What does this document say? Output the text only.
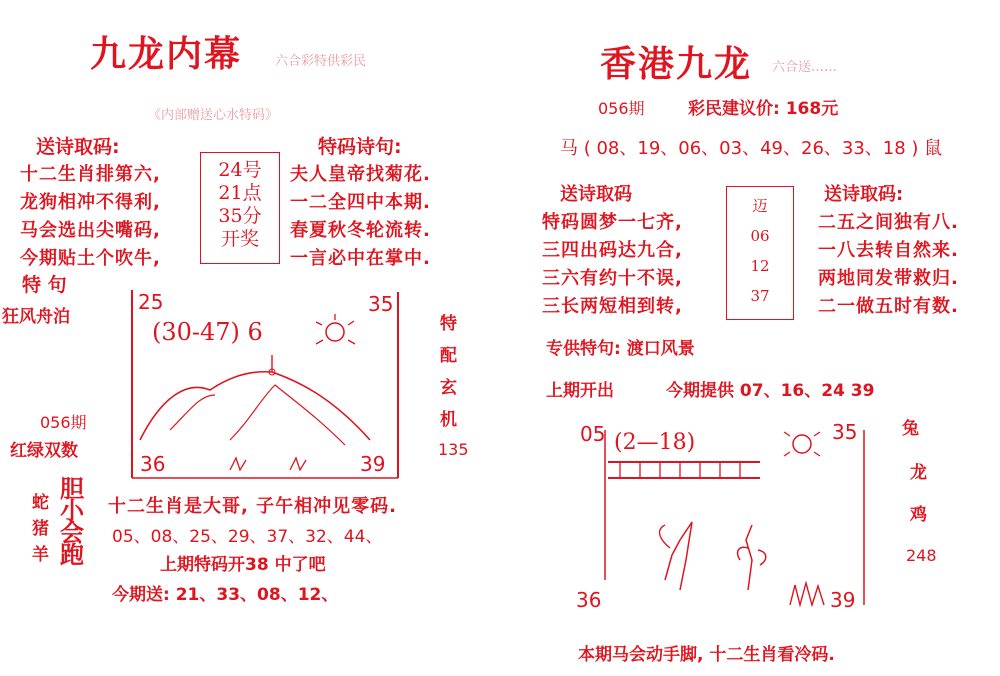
九龙内幕	六合彩特供彩民
《内部赠送心水特码》
送诗取码:
十二生肖排第六,
龙狗相冲不得利,
马会选出尖嘴码,
今期贴土个吹牛,
24号
21点
35分
开奖
特码诗句:
夫人皇帝找菊花.
一二全四中本期.
春夏秋冬轮流转.
一言必中在掌中.
特 句
狂风舟泊
25	35
36	39
(30-47) 6	特
配
玄
机
135
056期
红绿双数
蛇
猪
羊
胆
小
会
跑
十二生肖是大哥, 子午相冲见零码.
05、08、25、29、37、32、44、
上期特码开38 中了吧
今期送: 21、33、08、12、
香港九龙 六合送……
056期	彩民建议价: 168元
马 ( 08、19、06、03、49、26、33、18 ) 鼠
送诗取码
特码圆梦一七齐,
三四出码达九合,
三六有约十不误,
三长两短相到转,
迈
06
12
37
送诗取码:
二五之间独有八.
一八去转自然来.
两地同发带救归.
二一做五时有数.
专供特句: 渡口风景
上期开出	今期提供 07、16、24 39
05	35
36	39
(2—18)
兔
龙
鸡
248
本期马会动手脚, 十二生肖看冷码.
